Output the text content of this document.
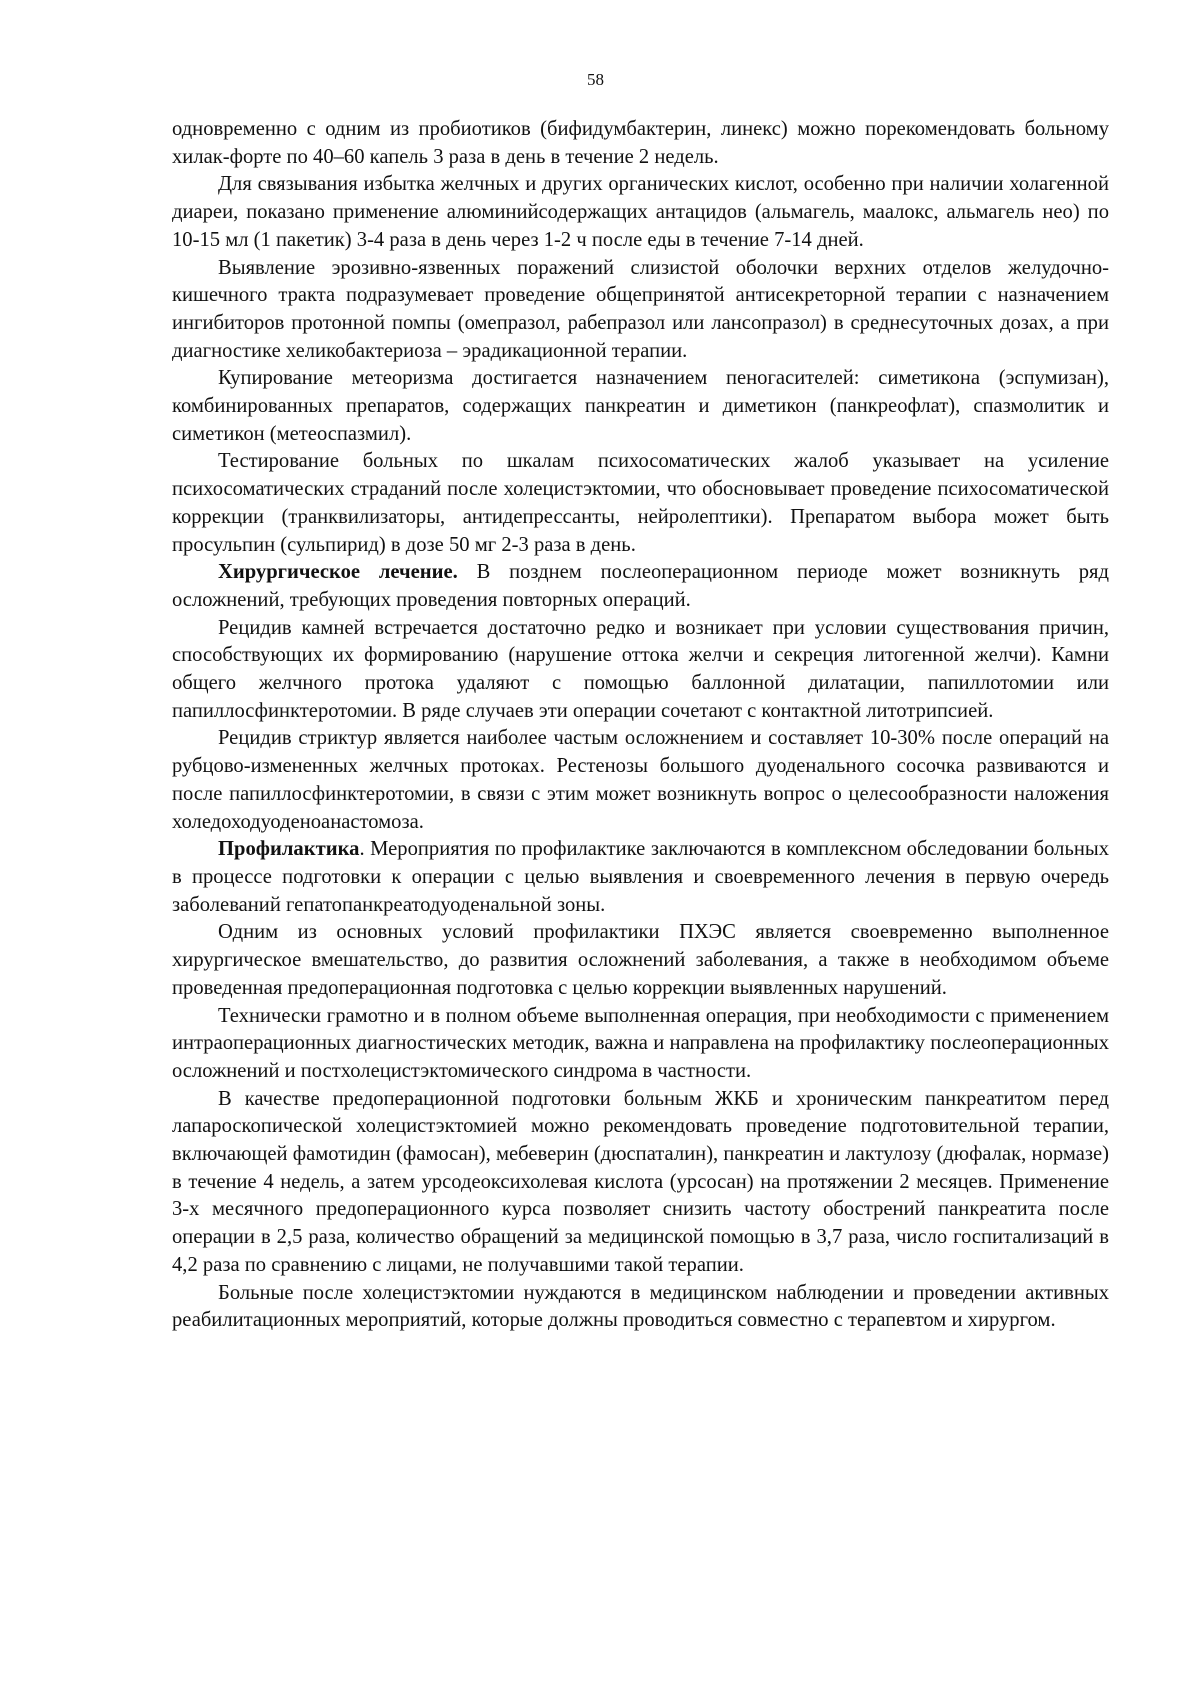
58

одновременно с одним из пробиотиков (бифидумбактерин, линекс) можно порекомендовать больному хилак-форте по 40–60 капель 3 раза в день в течение 2 недель.

Для связывания избытка желчных и других органических кислот, особенно при наличии холагенной диареи, показано применение алюминийсодержащих антацидов (альмагель, маалокс, альмагель нео) по 10-15 мл (1 пакетик) 3-4 раза в день через 1-2 ч после еды в течение 7-14 дней.

Выявление эрозивно-язвенных поражений слизистой оболочки верхних отделов желудочно-кишечного тракта подразумевает проведение общепринятой антисекреторной терапии с назначением ингибиторов протонной помпы (омепразол, рабепразол или лансопразол) в среднесуточных дозах, а при диагностике хеликобактериоза – эрадикационной терапии.

Купирование метеоризма достигается назначением пеногасителей: симетикона (эспумизан), комбинированных препаратов, содержащих панкреатин и диметикон (панкреофлат), спазмолитик и симетикон (метеоспазмил).

Тестирование больных по шкалам психосоматических жалоб указывает на усиление психосоматических страданий после холецистэктомии, что обосновывает проведение психосоматической коррекции (транквилизаторы, антидепрессанты, нейролептики). Препаратом выбора может быть просульпин (сульпирид) в дозе 50 мг 2-3 раза в день.

Хирургическое лечение. В позднем послеоперационном периоде может возникнуть ряд осложнений, требующих проведения повторных операций.

Рецидив камней встречается достаточно редко и возникает при условии существования причин, способствующих их формированию (нарушение оттока желчи и секреция литогенной желчи). Камни общего желчного протока удаляют с помощью баллонной дилатации, папиллотомии или папиллосфинктеротомии. В ряде случаев эти операции сочетают с контактной литотрипсией.

Рецидив стриктур является наиболее частым осложнением и составляет 10-30% после операций на рубцово-измененных желчных протоках. Рестенозы большого дуоденального сосочка развиваются и после папиллосфинктеротомии, в связи с этим может возникнуть вопрос о целесообразности наложения холедоходуоденоанастомоза.

Профилактика. Мероприятия по профилактике заключаются в комплексном обследовании больных в процессе подготовки к операции с целью выявления и своевременного лечения в первую очередь заболеваний гепатопанкреатодуоденальной зоны.

Одним из основных условий профилактики ПХЭС является своевременно выполненное хирургическое вмешательство, до развития осложнений заболевания, а также в необходимом объеме проведенная предоперационная подготовка с целью коррекции выявленных нарушений.

Технически грамотно и в полном объеме выполненная операция, при необходимости с применением интраоперационных диагностических методик, важна и направлена на профилактику послеоперационных осложнений и постхолецистэктомического синдрома в частности.

В качестве предоперационной подготовки больным ЖКБ и хроническим панкреатитом перед лапароскопической холецистэктомией можно рекомендовать проведение подготовительной терапии, включающей фамотидин (фамосан), мебеверин (дюспаталин), панкреатин и лактулозу (дюфалак, нормазе) в течение 4 недель, а затем урсодеоксихолевая кислота (урсосан) на протяжении 2 месяцев. Применение 3-х месячного предоперационного курса позволяет снизить частоту обострений панкреатита после операции в 2,5 раза, количество обращений за медицинской помощью в 3,7 раза, число госпитализаций в 4,2 раза по сравнению с лицами, не получавшими такой терапии.

Больные после холецистэктомии нуждаются в медицинском наблюдении и проведении активных реабилитационных мероприятий, которые должны проводиться совместно с терапевтом и хирургом.
